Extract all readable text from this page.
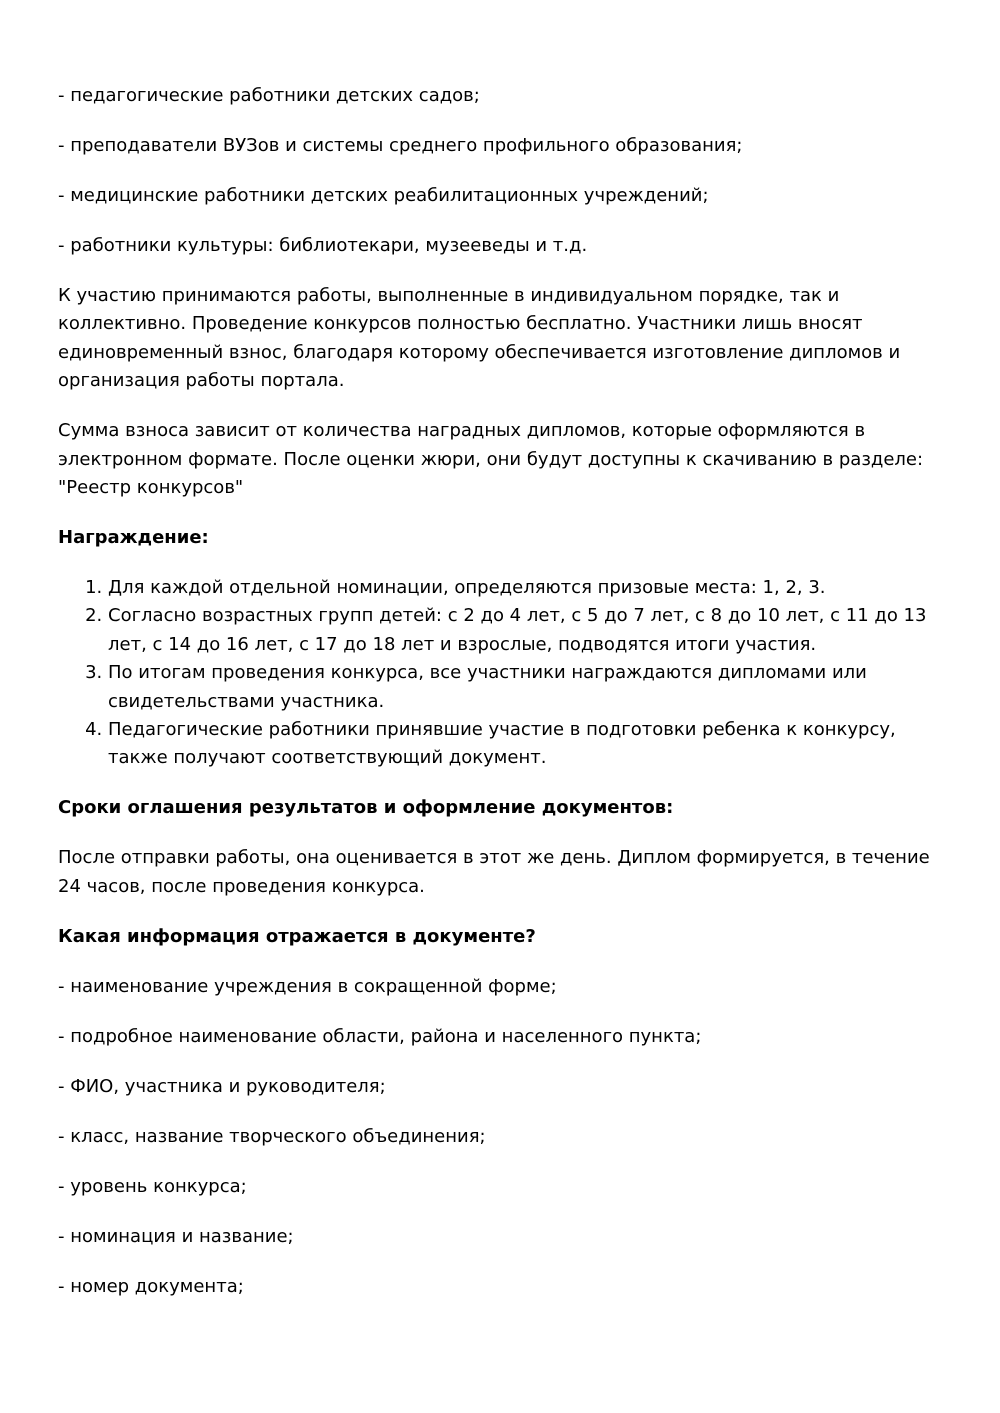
- педагогические работники детских садов;

- преподаватели ВУЗов и системы среднего профильного образования;

- медицинские работники детских реабилитационных учреждений;

- работники культуры: библиотекари, музееведы и т.д.

К участию принимаются работы, выполненные в индивидуальном порядке, так и коллективно. Проведение конкурсов полностью бесплатно. Участники лишь вносят единовременный взнос, благодаря которому обеспечивается изготовление дипломов и организация работы портала.

Сумма взноса зависит от количества наградных дипломов, которые оформляются в электронном формате. После оценки жюри, они будут доступны к скачиванию в разделе: "Реестр конкурсов"

Награждение:

1. Для каждой отдельной номинации, определяются призовые места: 1, 2, 3.
2. Согласно возрастных групп детей: с 2 до 4 лет, с 5 до 7 лет, с 8 до 10 лет, с 11 до 13 лет, с 14 до 16 лет, с 17 до 18 лет и взрослые, подводятся итоги участия.
3. По итогам проведения конкурса, все участники награждаются дипломами или свидетельствами участника.
4. Педагогические работники принявшие участие в подготовки ребенка к конкурсу, также получают соответствующий документ.

Сроки оглашения результатов и оформление документов:

После отправки работы, она оценивается в этот же день. Диплом формируется, в течение 24 часов, после проведения конкурса.

Какая информация отражается в документе?

- наименование учреждения в сокращенной форме;

- подробное наименование области, района и населенного пункта;

- ФИО, участника и руководителя;

- класс, название творческого объединения;

- уровень конкурса;

- номинация и название;

- номер документа;
